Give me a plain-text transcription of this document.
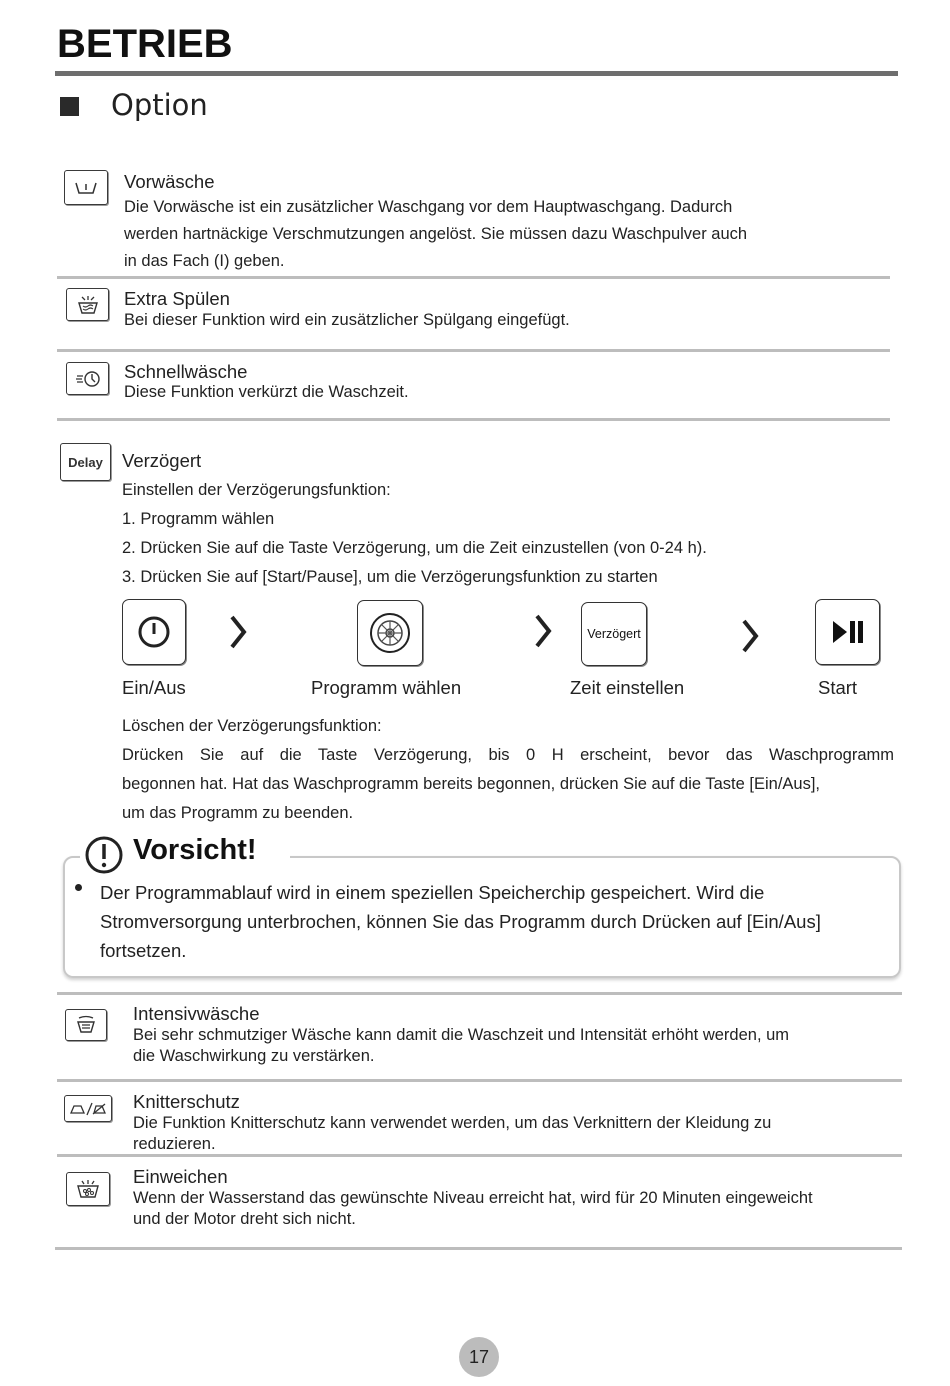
BETRIEB
Option
Vorwäsche
Die Vorwäsche ist ein zusätzlicher Waschgang vor dem Hauptwaschgang. Dadurch
werden hartnäckige Verschmutzungen angelöst. Sie müssen dazu Waschpulver auch
in das Fach (I) geben.
Extra Spülen
Bei dieser Funktion wird ein zusätzlicher Spülgang eingefügt.
Schnellwäsche
Diese Funktion verkürzt die Waschzeit.
Delay	Verzögert
Einstellen der Verzögerungsfunktion:
1. Programm wählen
2. Drücken Sie auf die Taste Verzögerung, um die Zeit einzustellen (von 0-24 h).
3. Drücken Sie auf [Start/Pause], um die Verzögerungsfunktion zu starten
Verzögert
Ein/Aus	Programm wählen	Zeit einstellen	Start
Löschen der Verzögerungsfunktion:
Drücken Sie auf die Taste Verzögerung, bis 0 H erscheint, bevor das Waschprogramm
begonnen hat. Hat das Waschprogramm bereits begonnen, drücken Sie auf die Taste [Ein/Aus],
um das Programm zu beenden.
Vorsicht!
Der Programmablauf wird in einem speziellen Speicherchip gespeichert. Wird die
Stromversorgung unterbrochen, können Sie das Programm durch Drücken auf [Ein/Aus]
fortsetzen.
Intensivwäsche
Bei sehr schmutziger Wäsche kann damit die Waschzeit und Intensität erhöht werden, um
die Waschwirkung zu verstärken.
Knitterschutz
Die Funktion Knitterschutz kann verwendet werden, um das Verknittern der Kleidung zu
reduzieren.
Einweichen
Wenn der Wasserstand das gewünschte Niveau erreicht hat, wird für 20 Minuten eingeweicht
und der Motor dreht sich nicht.
17
